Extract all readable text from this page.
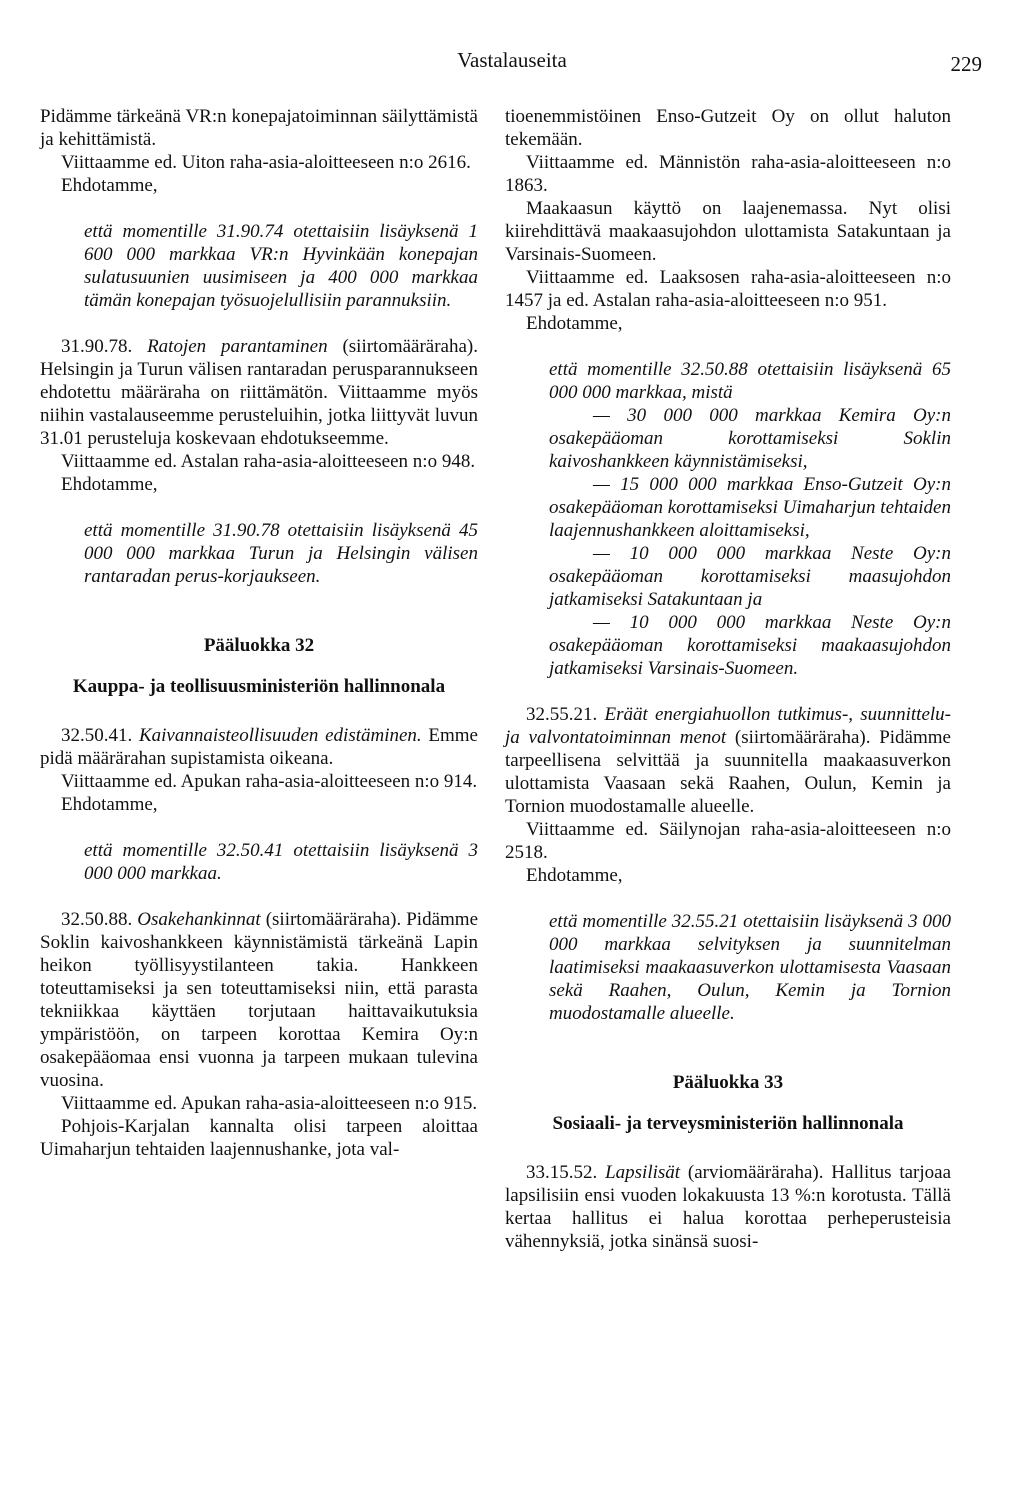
Vastalauseita	229

Pidämme tärkeänä VR:n konepajatoiminnan säilyttämistä ja kehittämistä.

Viittaamme ed. Uiton raha-asia-aloitteeseen n:o 2616.

Ehdotamme,

että momentille 31.90.74 otettaisiin lisäyksenä 1 600 000 markkaa VR:n Hyvinkään konepajan sulatusuunien uusimiseen ja 400 000 markkaa tämän konepajan työsuojelullisiin parannuksiin.

31.90.78. Ratojen parantaminen (siirtomääräraha). Helsingin ja Turun välisen rantaradan perusparannukseen ehdotettu määräraha on riittämätön. Viittaamme myös niihin vastalauseemme perusteluihin, jotka liittyvät luvun 31.01 perusteluja koskevaan ehdotukseemme.

Viittaamme ed. Astalan raha-asia-aloitteeseen n:o 948.

Ehdotamme,

että momentille 31.90.78 otettaisiin lisäyksenä 45 000 000 markkaa Turun ja Helsingin välisen rantaradan perus-korjaukseen.

Pääluokka 32
Kauppa- ja teollisuusministeriön hallinnonala

32.50.41. Kaivannaisteollisuuden edistäminen. Emme pidä määrärahan supistamista oikeana.

Viittaamme ed. Apukan raha-asia-aloitteeseen n:o 914.

Ehdotamme,

että momentille 32.50.41 otettaisiin lisäyksenä 3 000 000 markkaa.

32.50.88. Osakehankinnat (siirtomääräraha). Pidämme Soklin kaivoshankkeen käynnistämistä tärkeänä Lapin heikon työllisyystilanteen takia. Hankkeen toteuttamiseksi ja sen toteuttamiseksi niin, että parasta tekniikkaa käyttäen torjutaan haittavaikutuksia ympäristöön, on tarpeen korottaa Kemira Oy:n osakepääomaa ensi vuonna ja tarpeen mukaan tulevina vuosina.

Viittaamme ed. Apukan raha-asia-aloitteeseen n:o 915.

Pohjois-Karjalan kannalta olisi tarpeen aloittaa Uimaharjun tehtaiden laajennushanke, jota val-

tioenemmistöinen Enso-Gutzeit Oy on ollut haluton tekemään.

Viittaamme ed. Männistön raha-asia-aloitteeseen n:o 1863.

Maakaasun käyttö on laajenemassa. Nyt olisi kiirehdittävä maakaasujohdon ulottamista Satakuntaan ja Varsinais-Suomeen.

Viittaamme ed. Laaksosen raha-asia-aloitteeseen n:o 1457 ja ed. Astalan raha-asia-aloitteeseen n:o 951.

Ehdotamme,

että momentille 32.50.88 otettaisiin lisäyksenä 65 000 000 markkaa, mistä

— 30 000 000 markkaa Kemira Oy:n osakepääoman korottamiseksi Soklin kaivoshankkeen käynnistämiseksi,

— 15 000 000 markkaa Enso-Gutzeit Oy:n osakepääoman korottamiseksi Uimaharjun tehtaiden laajennushankkeen aloittamiseksi,

— 10 000 000 markkaa Neste Oy:n osakepääoman korottamiseksi maasujohdon jatkamiseksi Satakuntaan ja

— 10 000 000 markkaa Neste Oy:n osakepääoman korottamiseksi maakaasujohdon jatkamiseksi Varsinais-Suomeen.

32.55.21. Eräät energiahuollon tutkimus-, suunnittelu- ja valvontatoiminnan menot (siirtomääräraha). Pidämme tarpeellisena selvittää ja suunnitella maakaasuverkon ulottamista Vaasaan sekä Raahen, Oulun, Kemin ja Tornion muodostamalle alueelle.

Viittaamme ed. Säilynojan raha-asia-aloitteeseen n:o 2518.

Ehdotamme,

että momentille 32.55.21 otettaisiin lisäyksenä 3 000 000 markkaa selvityksen ja suunnitelman laatimiseksi maakaasuverkon ulottamisesta Vaasaan sekä Raahen, Oulun, Kemin ja Tornion muodostamalle alueelle.

Pääluokka 33
Sosiaali- ja terveysministeriön hallinnonala

33.15.52. Lapsilisät (arviomääräraha). Hallitus tarjoaa lapsilisiin ensi vuoden lokakuusta 13 %:n korotusta. Tällä kertaa hallitus ei halua korottaa perheperusteisia vähennyksiä, jotka sinänsä suosi-
